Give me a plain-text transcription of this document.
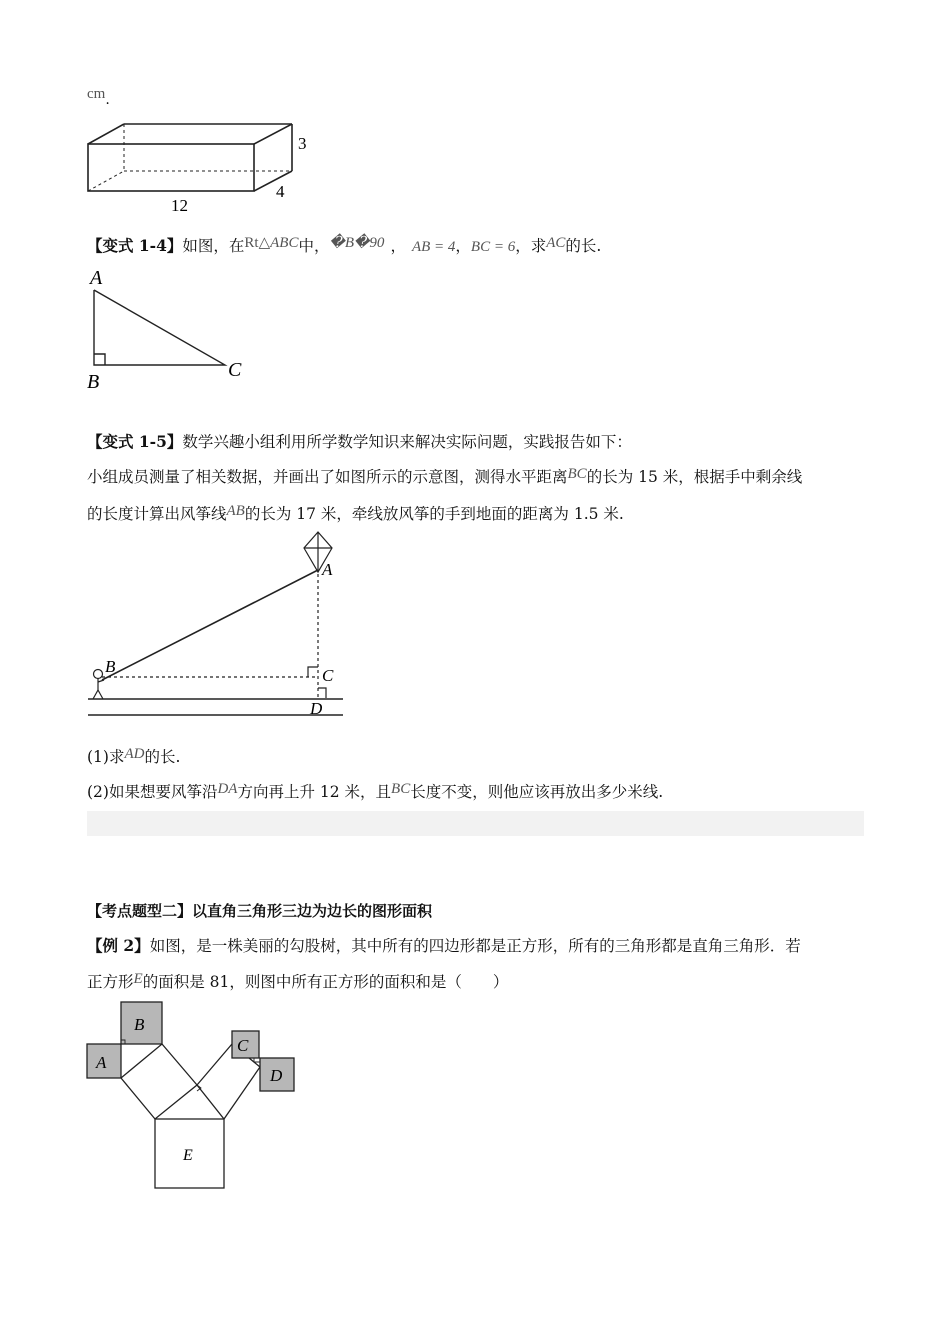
cm.
3
4
12
【变式 1-4】如图，在Rt△ABC中，�B�90 ， AB = 4，BC = 6，求AC的长.
A
B
C
【变式 1-5】数学兴趣小组利用所学数学知识来解决实际问题，实践报告如下：
小组成员测量了相关数据，并画出了如图所示的示意图，测得水平距离BC的长为 15 米，根据手中剩余线
的长度计算出风筝线AB的长为 17 米，牵线放风筝的手到地面的距离为 1.5 米.
A
B	C
D
(1)求AD的长.
(2)如果想要风筝沿DA方向再上升 12 米，且BC长度不变，则他应该再放出多少米线.
【考点题型二】以直角三角形三边为边长的图形面积
【例 2】如图，是一株美丽的勾股树，其中所有的四边形都是正方形，所有的三角形都是直角三角形．若
正方形E的面积是 81，则图中所有正方形的面积和是（　　）
A
B
C
D
E
